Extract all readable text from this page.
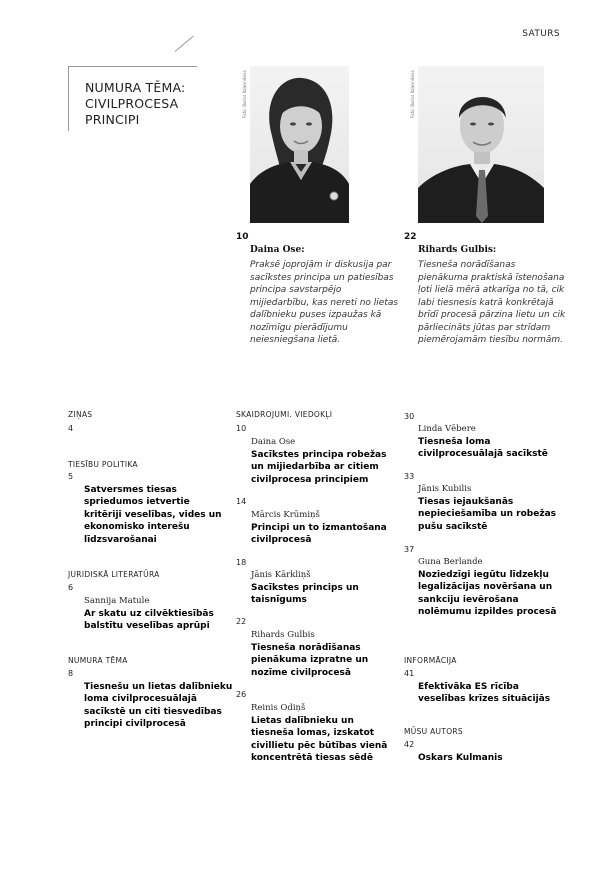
SATURS
NUMURA TĒMA:
CIVILPROCESA
PRINCIPI
Foto: Boriss Koļesņikovs	Foto: Boriss Koļesņikovs
10
Daina Ose:
Praksē joprojām ir diskusija par sacīkstes principa un patiesības principa savstarpējo mijiedarbību, kas nereti no lietas dalībnieku puses izpaužas kā nozīmīgu pierādījumu neiesniegšana lietā.
22
Rihards Gulbis:
Tiesneša norādīšanas pienākuma praktiskā īstenošana ļoti lielā mērā atkarīga no tā, cik labi tiesnesis katrā konkrētajā brīdī procesā pārzina lietu un cik pārliecināts jūtas par strīdam piemērojamām tiesību normām.
ZIŅAS
4
TIESĪBU POLITIKA
5
Satversmes tiesas spriedumos ietvertie kritēriji veselības, vides un ekonomisko interešu līdzsvarošanai
JURIDISKĀ LITERATŪRA
6
Sannija Matule
Ar skatu uz cilvēktiesībās balstītu veselības aprūpi
NUMURA TĒMA
8
Tiesnešu un lietas dalībnieku loma civilprocesuālajā sacīkstē un citi tiesvedības principi civilprocesā
SKAIDROJUMI. VIEDOKĻI
10
Daina Ose
Sacīkstes principa robežas un mijiedarbība ar citiem civilprocesa principiem
14
Mārcis Krūmiņš
Principi un to izmantošana civilprocesā
18
Jānis Kārkliņš
Sacīkstes princips un taisnīgums
22
Rihards Gulbis
Tiesneša norādīšanas pienākuma izpratne un nozīme civilprocesā
26
Reinis Odiņš
Lietas dalībnieku un tiesneša lomas, izskatot civillietu pēc būtības vienā koncentrētā tiesas sēdē
30
Linda Vēbere
Tiesneša loma civilprocesuālajā sacīkstē
33
Jānis Kubilis
Tiesas iejaukšanās nepieciešamība un robežas pušu sacīkstē
37
Guna Berlande
Noziedzīgi iegūtu līdzekļu legalizācijas novēršana un sankciju ievērošana nolēmumu izpildes procesā
INFORMĀCIJA
41
Efektīvāka ES rīcība veselības krīzes situācijās
MŪSU AUTORS
42
Oskars Kulmanis
